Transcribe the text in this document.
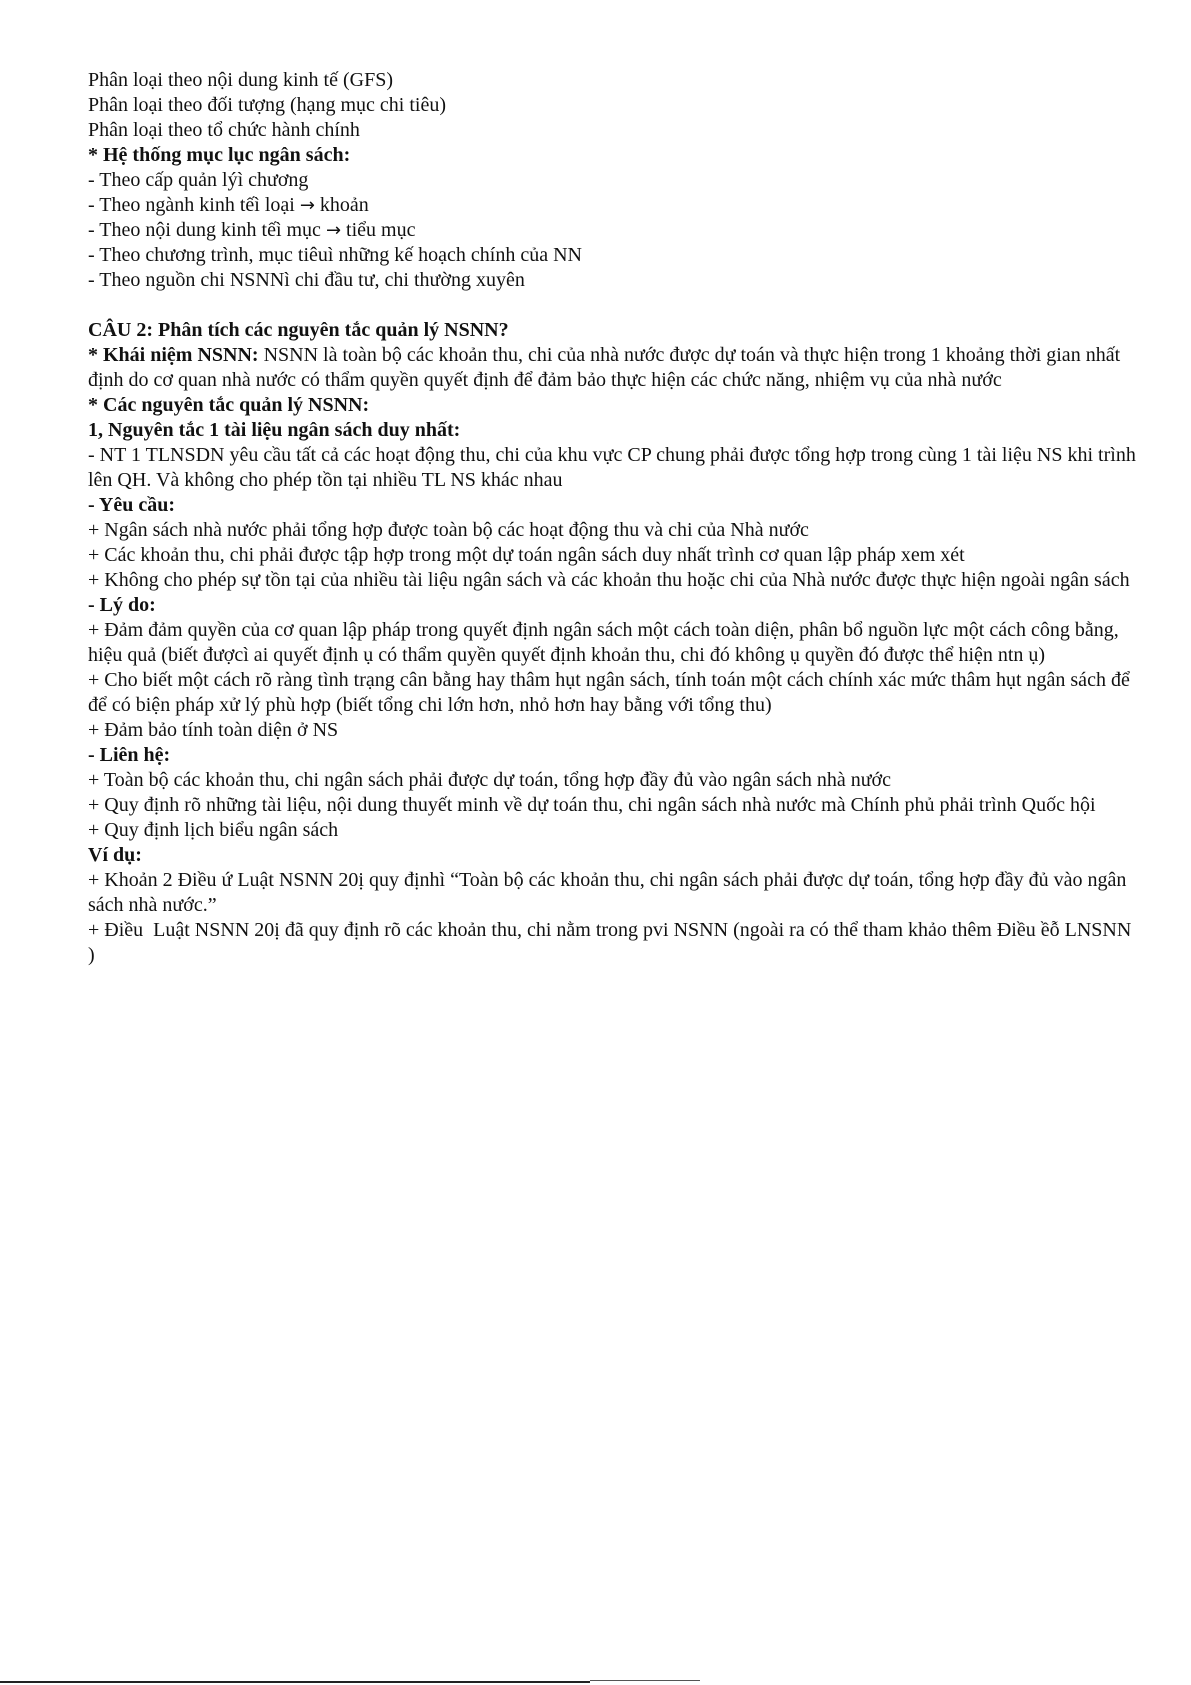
Phân loại theo nội dung kinh tế (GFS)

Phân loại theo đối tượng (hạng mục chi tiêu)

Phân loại theo tổ chức hành chính

* Hệ thống mục lục ngân sách:

- Theo cấp quản lýì chương

- Theo ngành kinh tếì loại → khoản

- Theo nội dung kinh tếì mục → tiểu mục

- Theo chương trình, mục tiêuì những kế hoạch chính của NN

- Theo nguồn chi NSNNì chi đầu tư, chi thường xuyên

CÂU 2: Phân tích các nguyên tắc quản lý NSNN?

* Khái niệm NSNN: NSNN là toàn bộ các khoản thu, chi của nhà nước được dự toán và thực hiện trong 1 khoảng thời gian nhất định do cơ quan nhà nước có thẩm quyền quyết định để đảm bảo thực hiện các chức năng, nhiệm vụ của nhà nước

* Các nguyên tắc quản lý NSNN:

1, Nguyên tắc 1 tài liệu ngân sách duy nhất:

- NT 1 TLNSDN yêu cầu tất cả các hoạt động thu, chi của khu vực CP chung phải được tổng hợp trong cùng 1 tài liệu NS khi trình lên QH. Và không cho phép tồn tại nhiều TL NS khác nhau

- Yêu cầu:

+ Ngân sách nhà nước phải tổng hợp được toàn bộ các hoạt động thu và chi của Nhà nước

+ Các khoản thu, chi phải được tập hợp trong một dự toán ngân sách duy nhất trình cơ quan lập pháp xem xét

+ Không cho phép sự tồn tại của nhiều tài liệu ngân sách và các khoản thu hoặc chi của Nhà nước được thực hiện ngoài ngân sách

- Lý do:

+ Đảm đảm quyền của cơ quan lập pháp trong quyết định ngân sách một cách toàn diện, phân bổ nguồn lực một cách công bằng, hiệu quả (biết đượcì ai quyết định ụ có thẩm quyền quyết định khoản thu, chi đó không ụ quyền đó được thể hiện ntn ụ)

+ Cho biết một cách rõ ràng tình trạng cân bằng hay thâm hụt ngân sách, tính toán một cách chính xác mức thâm hụt ngân sách để để có biện pháp xử lý phù hợp (biết tổng chi lớn hơn, nhỏ hơn hay bằng với tổng thu)

+ Đảm bảo tính toàn diện ở NS

- Liên hệ:

+ Toàn bộ các khoản thu, chi ngân sách phải được dự toán, tổng hợp đầy đủ vào ngân sách nhà nước

+ Quy định rõ những tài liệu, nội dung thuyết minh về dự toán thu, chi ngân sách nhà nước mà Chính phủ phải trình Quốc hội

+ Quy định lịch biểu ngân sách

Ví dụ:

+ Khoản 2 Điều ứ Luật NSNN 20ị quy địnhì “Toàn bộ các khoản thu, chi ngân sách phải được dự toán, tổng hợp đầy đủ vào ngân sách nhà nước.”

+ Điều  Luật NSNN 20ị đã quy định rõ các khoản thu, chi nằm trong pvi NSNN (ngoài ra có thể tham khảo thêm Điều ềỗ LNSNN )
